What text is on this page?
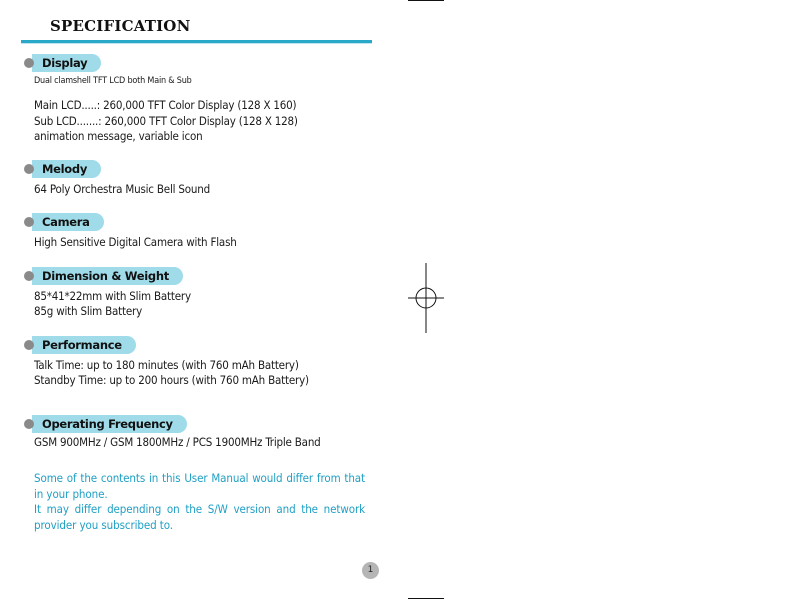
SPECIFICATION
Display
Dual clamshell TFT LCD both Main & Sub
Main LCD.....: 260,000 TFT Color Display (128 X 160)
Sub LCD.......: 260,000 TFT Color Display (128 X 128)
animation message, variable icon
Melody
64 Poly Orchestra Music Bell Sound
Camera
High Sensitive Digital Camera with Flash
Dimension & Weight
85*41*22mm with Slim Battery
85g with Slim Battery
Performance
Talk Time: up to 180 minutes (with 760 mAh Battery)
Standby Time: up to 200 hours (with 760 mAh Battery)
Operating Frequency
GSM 900MHz / GSM 1800MHz / PCS 1900MHz Triple Band
Some of the contents in this User Manual would differ from that in your phone.
It may differ depending on the S/W version and the network provider you subscribed to.
1
